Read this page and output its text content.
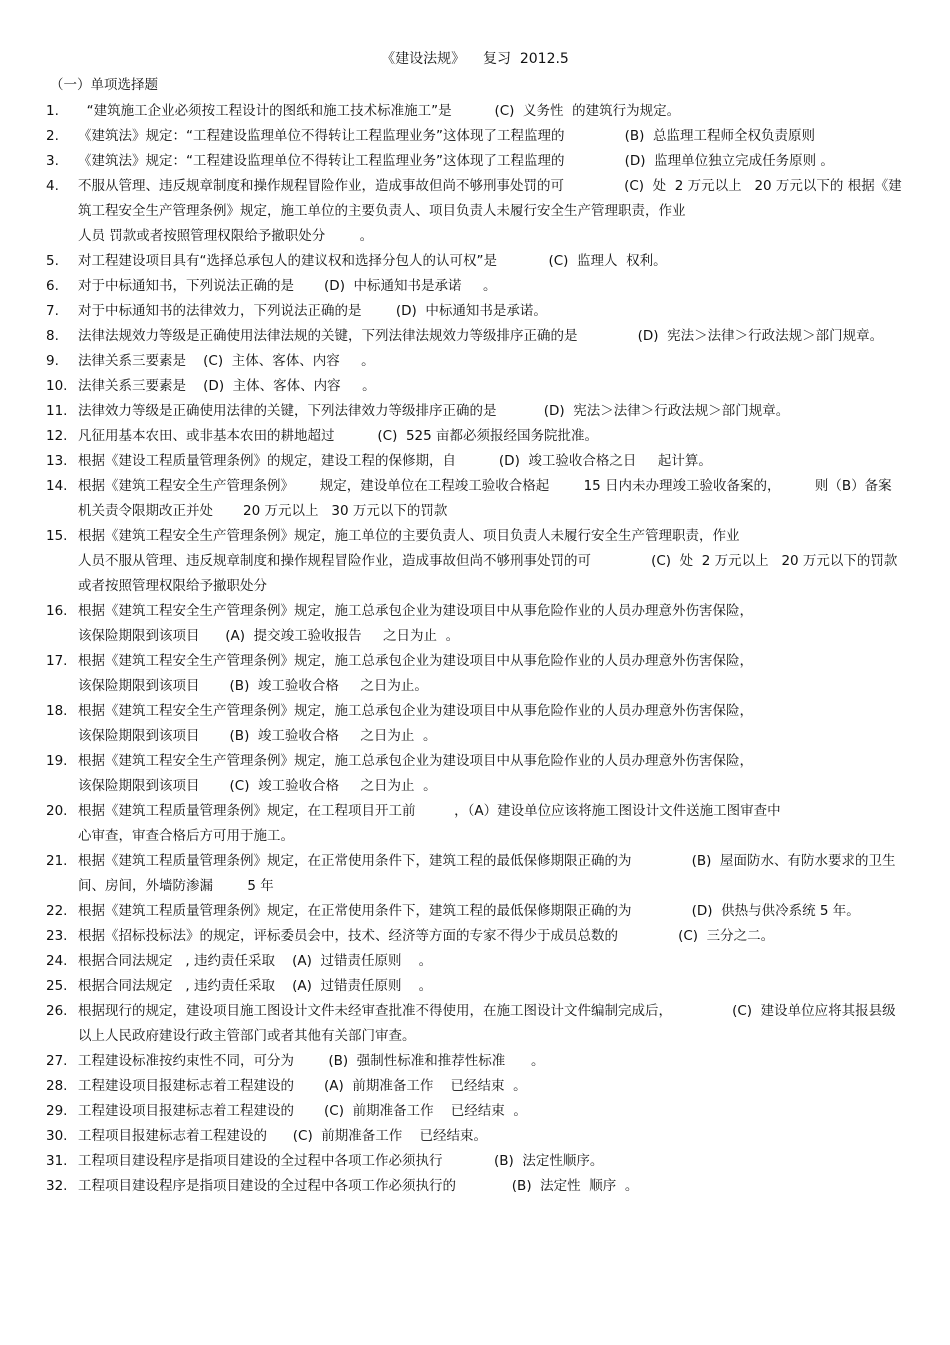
《建设法规》    复习  2012.5
（一）单项选择题
1.	“建筑施工企业必须按工程设计的图纸和施工技术标准施工”是          (C)  义务性  的建筑行为规定。
2.	《建筑法》规定：“工程建设监理单位不得转让工程监理业务”这体现了工程监理的              (B)  总监理工程师全权负责原则
3.	《建筑法》规定：“工程建设监理单位不得转让工程监理业务”这体现了工程监理的              (D)  监理单位独立完成任务原则 。
4.	不服从管理、违反规章制度和操作规程冒险作业，造成事故但尚不够刑事处罚的可              (C)  处  2 万元以上   20 万元以下的 根据《建筑工程安全生产管理条例》规定，施工单位的主要负责人、项目负责人未履行安全生产管理职责，作业
人员 罚款或者按照管理权限给予撤职处分        。
5.	对工程建设项目具有“选择总承包人的建议权和选择分包人的认可权”是            (C)  监理人  权利。
6.	对于中标通知书，下列说法正确的是       (D)  中标通知书是承诺     。
7.	对于中标通知书的法律效力，下列说法正确的是        (D)  中标通知书是承诺。
8.	法律法规效力等级是正确使用法律法规的关键，下列法律法规效力等级排序正确的是              (D)  宪法＞法律＞行政法规＞部门规章。
9.	法律关系三要素是    (C)  主体、客体、内容     。
10. 法律关系三要素是    (D)  主体、客体、内容     。
11. 法律效力等级是正确使用法律的关键，下列法律效力等级排序正确的是           (D)  宪法＞法律＞行政法规＞部门规章。
12. 凡征用基本农田、或非基本农田的耕地超过          (C)  525 亩都必须报经国务院批准。
13. 根据《建设工程质量管理条例》的规定，建设工程的保修期，自          (D)  竣工验收合格之日     起计算。
14. 根据《建筑工程安全生产管理条例》      规定，建设单位在工程竣工验收合格起        15 日内未办理竣工验收备案的，        则（B）备案机关责令限期改正并处       20 万元以上   30 万元以下的罚款
15. 根据《建筑工程安全生产管理条例》规定，施工单位的主要负责人、项目负责人未履行安全生产管理职责，作业
人员不服从管理、违反规章制度和操作规程冒险作业，造成事故但尚不够刑事处罚的可              (C)  处  2 万元以上   20 万元以下的罚款或者按照管理权限给予撤职处分
16. 根据《建筑工程安全生产管理条例》规定，施工总承包企业为建设项目中从事危险作业的人员办理意外伤害保险，
该保险期限到该项目      (A)  提交竣工验收报告     之日为止  。
17. 根据《建筑工程安全生产管理条例》规定，施工总承包企业为建设项目中从事危险作业的人员办理意外伤害保险，
该保险期限到该项目       (B)  竣工验收合格     之日为止。
18. 根据《建筑工程安全生产管理条例》规定，施工总承包企业为建设项目中从事危险作业的人员办理意外伤害保险，
该保险期限到该项目       (B)  竣工验收合格     之日为止  。
19. 根据《建筑工程安全生产管理条例》规定，施工总承包企业为建设项目中从事危险作业的人员办理意外伤害保险，
该保险期限到该项目       (C)  竣工验收合格     之日为止  。
20. 根据《建筑工程质量管理条例》规定，在工程项目开工前         ，（A）建设单位应该将施工图设计文件送施工图审查中
心审查，审查合格后方可用于施工。
21. 根据《建筑工程质量管理条例》规定，在正常使用条件下，建筑工程的最低保修期限正确的为              (B)  屋面防水、有防水要求的卫生间、房间，外墙防渗漏        5 年
22. 根据《建筑工程质量管理条例》规定，在正常使用条件下，建筑工程的最低保修期限正确的为              (D)  供热与供冷系统 5 年。
23. 根据《招标投标法》的规定，评标委员会中，技术、经济等方面的专家不得少于成员总数的              (C)  三分之二。
24. 根据合同法规定   , 违约责任采取    (A)  过错责任原则    。
25. 根据合同法规定   , 违约责任采取    (A)  过错责任原则    。
26. 根据现行的规定，建设项目施工图设计文件未经审查批准不得使用，在施工图设计文件编制完成后，              (C)  建设单位应将其报县级以上人民政府建设行政主管部门或者其他有关部门审查。
27. 工程建设标准按约束性不同，可分为        (B)  强制性标准和推荐性标准      。
28. 工程建设项目报建标志着工程建设的       (A)  前期准备工作    已经结束  。
29. 工程建设项目报建标志着工程建设的       (C)  前期准备工作    已经结束  。
30. 工程项目报建标志着工程建设的      (C)  前期准备工作    已经结束。
31. 工程项目建设程序是指项目建设的全过程中各项工作必须执行            (B)  法定性顺序。
32. 工程项目建设程序是指项目建设的全过程中各项工作必须执行的             (B)  法定性  顺序  。
